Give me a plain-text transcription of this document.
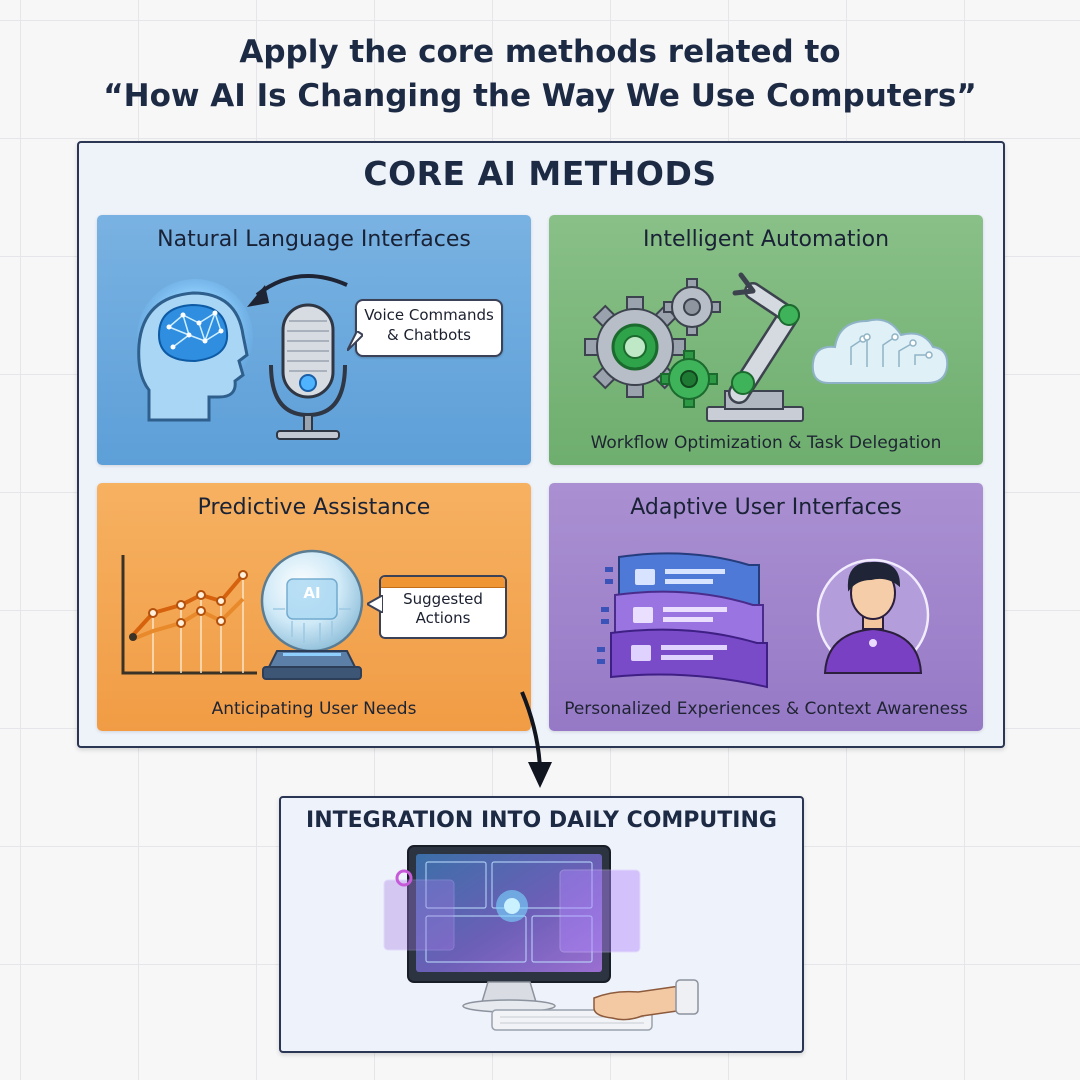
Apply the core methods related to
“How AI Is Changing the Way We Use Computers”
CORE AI METHODS
Natural Language Interfaces
Voice Commands
& Chatbots
Intelligent Automation
Workflow Optimization & Task Delegation
Predictive Assistance
AI	Suggested
Actions
Anticipating User Needs
Adaptive User Interfaces
Personalized Experiences & Context Awareness
INTEGRATION INTO DAILY COMPUTING
